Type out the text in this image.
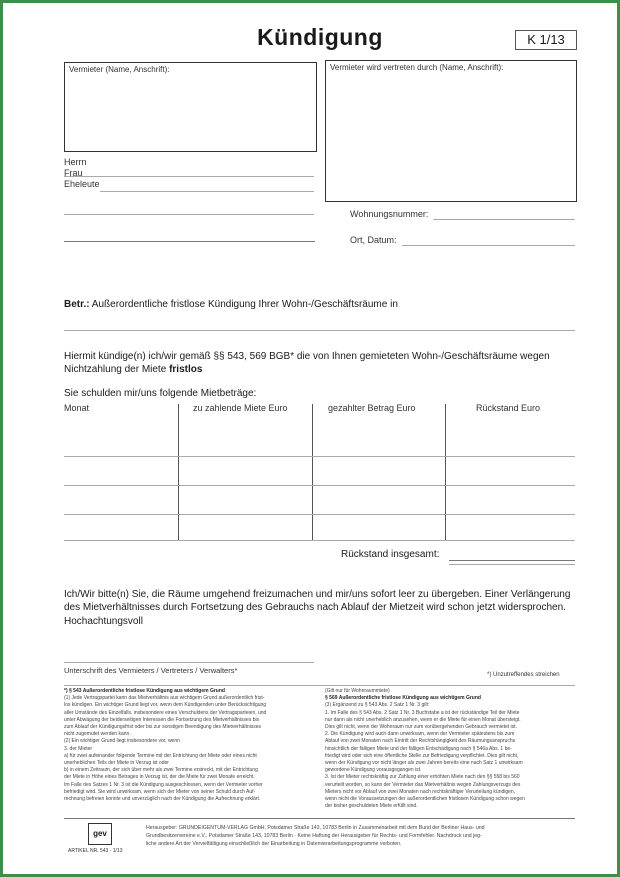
Kündigung	K 1/13
Vermieter (Name, Anschrift):	Vermieter wird vertreten durch (Name, Anschrift):
Herrn
Frau
Eheleute
Wohnungsnummer:
Ort, Datum:
Betr.: Außerordentliche fristlose Kündigung Ihrer Wohn-/Geschäftsräume in
Hiermit kündige(n) ich/wir gemäß §§ 543, 569 BGB* die von Ihnen gemieteten Wohn-/Geschäftsräume wegen
Nichtzahlung der Miete fristlos
Sie schulden mir/uns folgende Mietbeträge:
Monat	zu zahlende Miete Euro	gezahlter Betrag Euro	Rückstand Euro
Rückstand insgesamt:
Ich/Wir bitte(n) Sie, die Räume umgehend freizumachen und mir/uns sofort leer zu übergeben. Einer Verlängerung
des Mietverhältnisses durch Fortsetzung des Gebrauchs nach Ablauf der Mietzeit wird schon jetzt widersprochen.
Hochachtungsvoll
Unterschrift des Vermieters / Vertreters / Verwalters*	*) Unzutreffendes streichen
*) § 543 Außerordentliche fristlose Kündigung aus wichtigem Grund
(1) Jede Vertragspartei kann das Mietverhältnis aus wichtigem Grund außerordentlich frist-
los kündigen. Ein wichtiger Grund liegt vor, wenn dem Kündigenden unter Berücksichtigung
aller Umstände des Einzelfalls, insbesondere eines Verschuldens der Vertragsparteien, und
unter Abwägung der beiderseitigen Interessen die Fortsetzung des Mietverhältnisses bis
zum Ablauf der Kündigungsfrist oder bis zur sonstigen Beendigung des Mietverhältnisses
nicht zugemutet werden kann.
(2) Ein wichtiger Grund liegt insbesondere vor, wenn
3. der Mieter
a) für zwei aufeinander folgende Termine mit der Entrichtung der Miete oder eines nicht
unerheblichen Teils der Miete in Verzug ist oder
b) in einem Zeitraum, der sich über mehr als zwei Termine erstreckt, mit der Entrichtung
der Miete in Höhe eines Betrages in Verzug ist, der die Miete für zwei Monate erreicht.
Im Falle des Satzes 1 Nr. 3 ist die Kündigung ausgeschlossen, wenn der Vermieter vorher
befriedigt wird. Sie wird unwirksam, wenn sich der Mieter von seiner Schuld durch Auf-
rechnung befreien konnte und unverzüglich nach der Kündigung die Aufrechnung erklärt.
(Gilt nur für Wohnraummiete)
§ 569 Außerordentliche fristlose Kündigung aus wichtigem Grund
(3) Ergänzend zu § 543 Abs. 2 Satz 1 Nr. 3 gilt:
1. Im Falle des § 543 Abs. 2 Satz 1 Nr. 3 Buchstabe a ist der rückständige Teil der Miete
nur dann als nicht unerheblich anzusehen, wenn er die Miete für einen Monat übersteigt.
Dies gilt nicht, wenn der Wohnraum nur zum vorübergehenden Gebrauch vermietet ist.
2. Die Kündigung wird auch dann unwirksam, wenn der Vermieter spätestens bis zum
Ablauf von zwei Monaten nach Eintritt der Rechtshängigkeit des Räumungsanspruchs
hinsichtlich der fälligen Miete und der fälligen Entschädigung nach § 546a Abs. 1 be-
friedigt wird oder sich eine öffentliche Stelle zur Befriedigung verpflichtet. Dies gilt nicht,
wenn der Kündigung vor nicht länger als zwei Jahren bereits eine nach Satz 1 unwirksam
gewordene Kündigung vorausgegangen ist.
3. Ist der Mieter rechtskräftig zur Zahlung einer erhöhten Miete nach den §§ 558 bis 560
verurteilt worden, so kann der Vermieter das Mietverhältnis wegen Zahlungsverzugs des
Mieters nicht vor Ablauf von zwei Monaten nach rechtskräftiger Verurteilung kündigen,
wenn nicht die Voraussetzungen der außerordentlichen fristlosen Kündigung schon wegen
der bisher geschuldeten Miete erfüllt sind.
gev
ARTIKEL NR. 543 · 1/13
Herausgeber: GRUNDEIGENTUM-VERLAG GmbH, Potsdamer Straße 143, 10783 Berlin in Zusammenarbeit mit dem Bund der Berliner Haus- und
Grundbesitzervereine e.V., Potsdamer Straße 143, 10783 Berlin · Keine Haftung der Herausgeber für Rechts- und Formfehler. Nachdruck und jeg-
liche andere Art der Vervielfältigung einschließlich der Einarbeitung in Datenverarbeitungsprogramme verboten.
